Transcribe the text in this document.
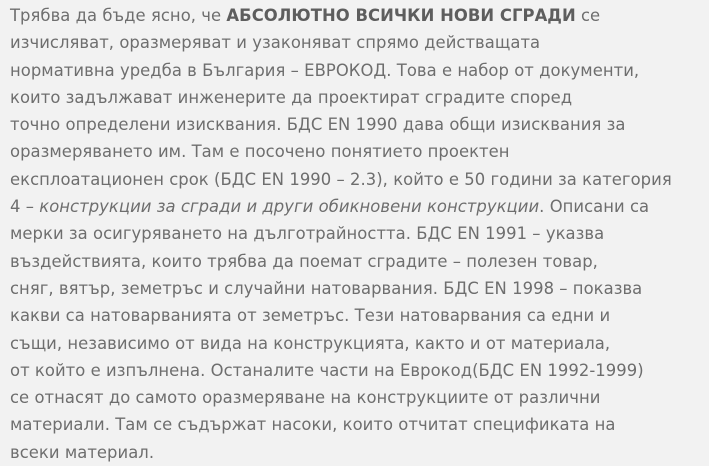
Трябва да бъде ясно, че АБСОЛЮТНО ВСИЧКИ НОВИ СГРАДИ се
изчисляват, оразмеряват и узаконяват спрямо действащата
нормативна уредба в България – ЕВРОКОД. Това е набор от документи,
които задължават инженерите да проектират сградите според
точно определени изисквания. БДС EN 1990 дава общи изисквания за
оразмеряването им. Там е посочено понятието проектен
експлоатационен срок (БДС EN 1990 – 2.3), който е 50 години за категория
4 – конструкции за сгради и други обикновени конструкции. Описани са
мерки за осигуряването на дълготрайността. БДС EN 1991 – указва
въздействията, които трябва да поемат сградите – полезен товар,
сняг, вятър, земетръс и случайни натоварвания. БДС EN 1998 – показва
какви са натоварванията от земетръс. Тези натоварвания са едни и
същи, независимо от вида на конструкцията, както и от материала,
от който е изпълнена. Останалите части на Еврокод(БДС EN 1992-1999)
се отнасят до самото оразмеряване на конструкциите от различни
материали. Там се съдържат насоки, които отчитат спецификата на
всеки материал.
